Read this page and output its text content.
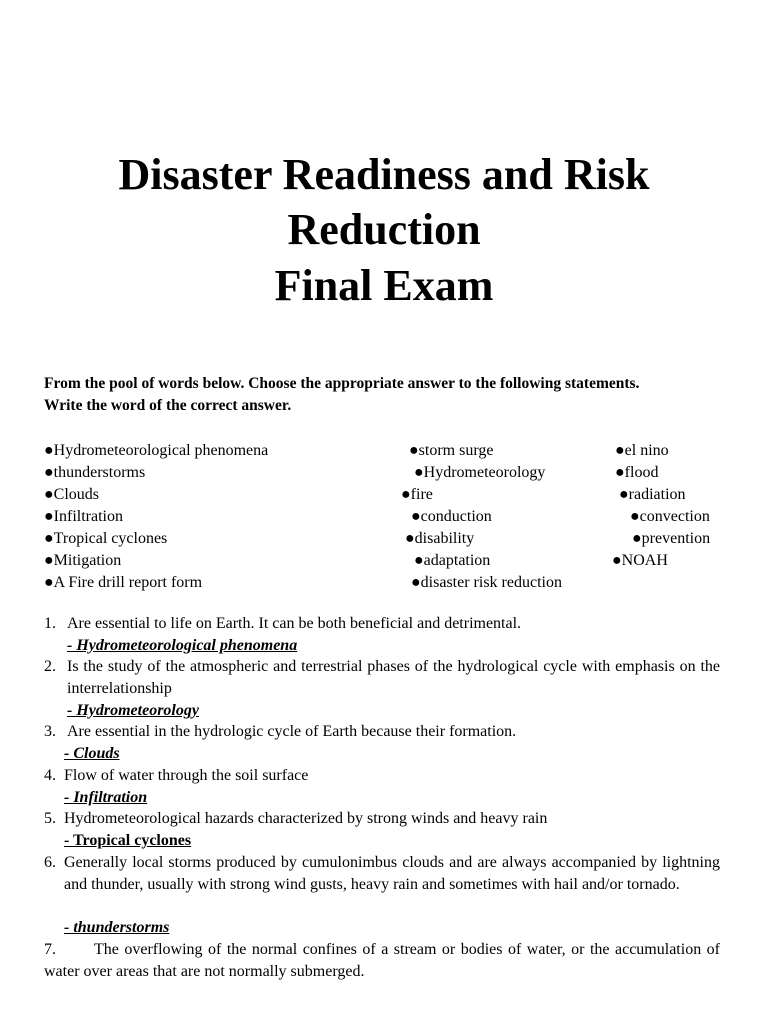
Disaster Readiness and Risk
Reduction
Final Exam
From the pool of words below. Choose the appropriate answer to the following statements.
Write the word of the correct answer.
●Hydrometeorological phenomena	●storm surge	●el nino
●thunderstorms	●Hydrometeorology	●flood
●Clouds	●fire	●radiation
●Infiltration	●conduction	●convection
●Tropical cyclones	●disability	●prevention
●Mitigation	●adaptation	●NOAH
●A Fire drill report form	●disaster risk reduction
1. Are essential to life on Earth. It can be both beneficial and detrimental.
- Hydrometeorological phenomena
2. Is the study of the atmospheric and terrestrial phases of the hydrological cycle with emphasis on the interrelationship
- Hydrometeorology
3. Are essential in the hydrologic cycle of Earth because their formation.
- Clouds
4. Flow of water through the soil surface
- Infiltration
5. Hydrometeorological hazards characterized by strong winds and heavy rain
- Tropical cyclones
6. Generally local storms produced by cumulonimbus clouds and are always accompanied by lightning and thunder, usually with strong wind gusts, heavy rain and sometimes with hail and/or tornado.
- thunderstorms
7. The overflowing of the normal confines of a stream or bodies of water, or the accumulation of water over areas that are not normally submerged.
